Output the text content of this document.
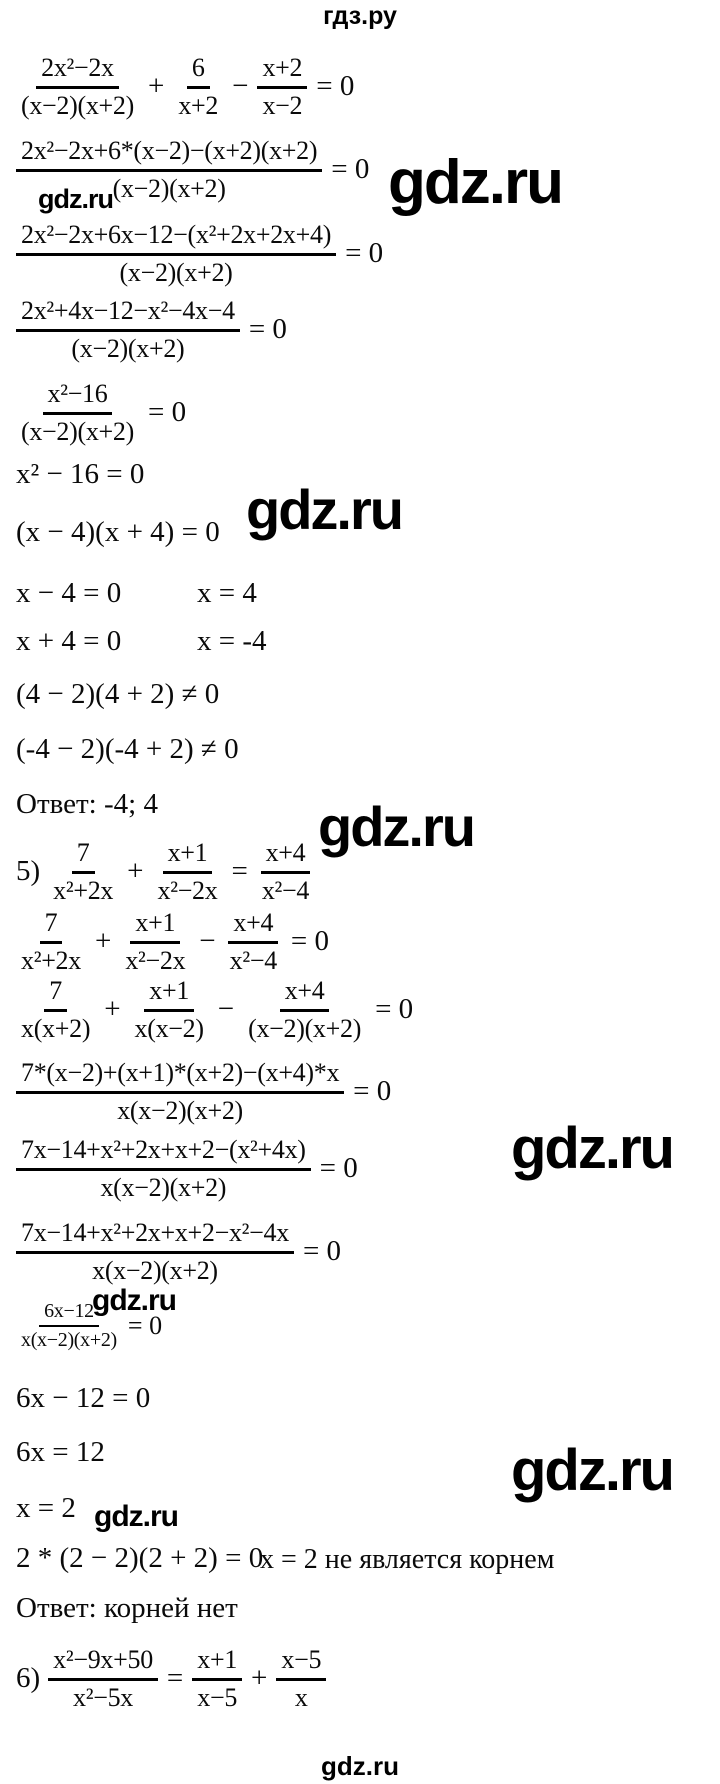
гдз.ру
gdz.ru
gdz.ru
gdz.ru
gdz.ru
gdz.ru
gdz.ru
gdz.ru
gdz.ru
$\frac{\text{2x²−2x}}{(x-2)(x+2)} + \frac{6}{x+2} - \frac{x+2}{x-2} = 0$
$\frac{\text{2x²−2x+6*(x−2)−(x+2)(x+2)}}{(x-2)(x+2)} = 0$
$\frac{\text{2x²−2x+6x−12−(x²+2x+2x+4)}}{(x-2)(x+2)} = 0$
$\frac{\text{2x²+4x−12−x²−4x−4}}{(x-2)(x+2)} = 0$
$\frac{\text{x²−16}}{(x-2)(x+2)} = 0$
x² − 16 = 0
(x − 4)(x + 4) = 0
x − 4 = 0	x = 4
x + 4 = 0	x = -4
(4 − 2)(4 + 2) ≠ 0
(-4 − 2)(-4 + 2) ≠ 0
Ответ: -4; 4
$5) \frac{7}{\text{x²+2x}} + \frac{x+1}{\text{x²−2x}} = \frac{x+4}{\text{x²−4}}$
$\frac{7}{\text{x²+2x}} + \frac{x+1}{\text{x²−2x}} - \frac{x+4}{\text{x²−4}} = 0$
$\frac{7}{x(x+2)} + \frac{x+1}{x(x-2)} - \frac{x+4}{(x-2)(x+2)} = 0$
$\frac{7*(x-2)+(x+1)*(x+2)-(x+4)*x}{x(x-2)(x+2)} = 0$
$\frac{\text{7x−14+x²+2x+x+2−(x²+4x)}}{x(x-2)(x+2)} = 0$
$\frac{\text{7x−14+x²+2x+x+2−x²−4x}}{x(x-2)(x+2)} = 0$
$\frac{6x-12}{x(x-2)(x+2)} = 0$
6x − 12 = 0
6x = 12
x = 2
2 * (2 − 2)(2 + 2) = 0
x = 2 не является корнем
Ответ: корней нет
$6) \frac{\text{x²−9x+50}}{\text{x²−5x}} = \frac{x+1}{x-5} + \frac{x-5}{x}$
gdz.ru
